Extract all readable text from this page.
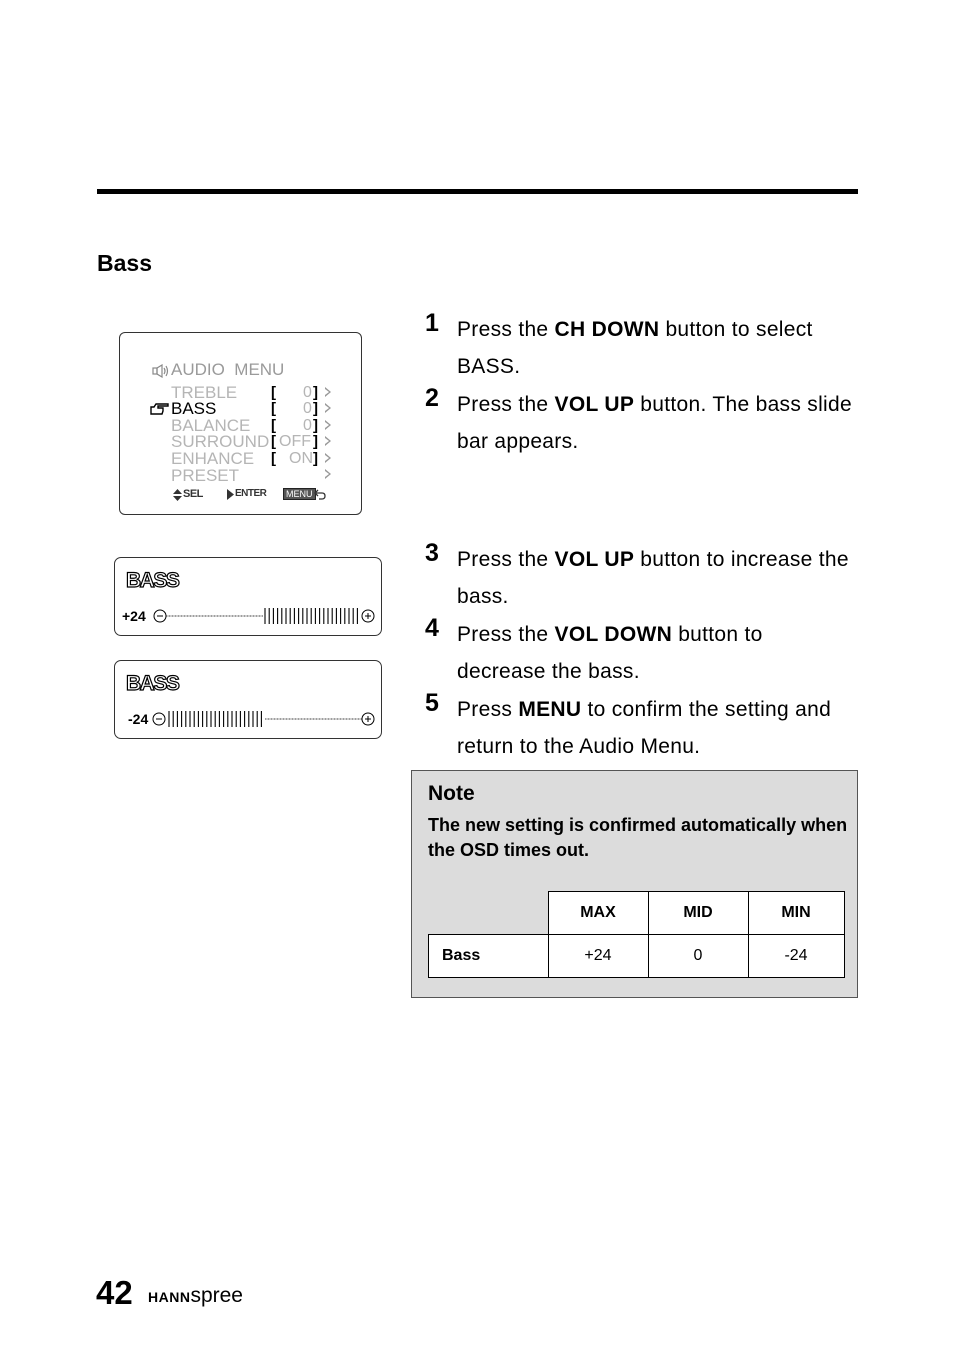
Bass
AUDIO  MENU
TREBLE
BASS
BALANCE
SURROUND
ENHANCE
PRESET
[ 0 ]
[ 0 ]
[ 0 ]
[ OFF ]
[ ON ]
SEL	ENTER	MENU
BASS
+24
BASS
-24
1 Press the CH DOWN button to select BASS.
2 Press the VOL UP button. The bass slide bar appears.
3 Press the VOL UP button to increase the bass.
4 Press the VOL DOWN button to decrease the bass.
5 Press MENU to confirm the setting and return to the Audio Menu.
Note
The new setting is confirmed automatically when the OSD times out.
	MAX	MID	MIN
Bass	+24	0	-24
42 HANNspree
